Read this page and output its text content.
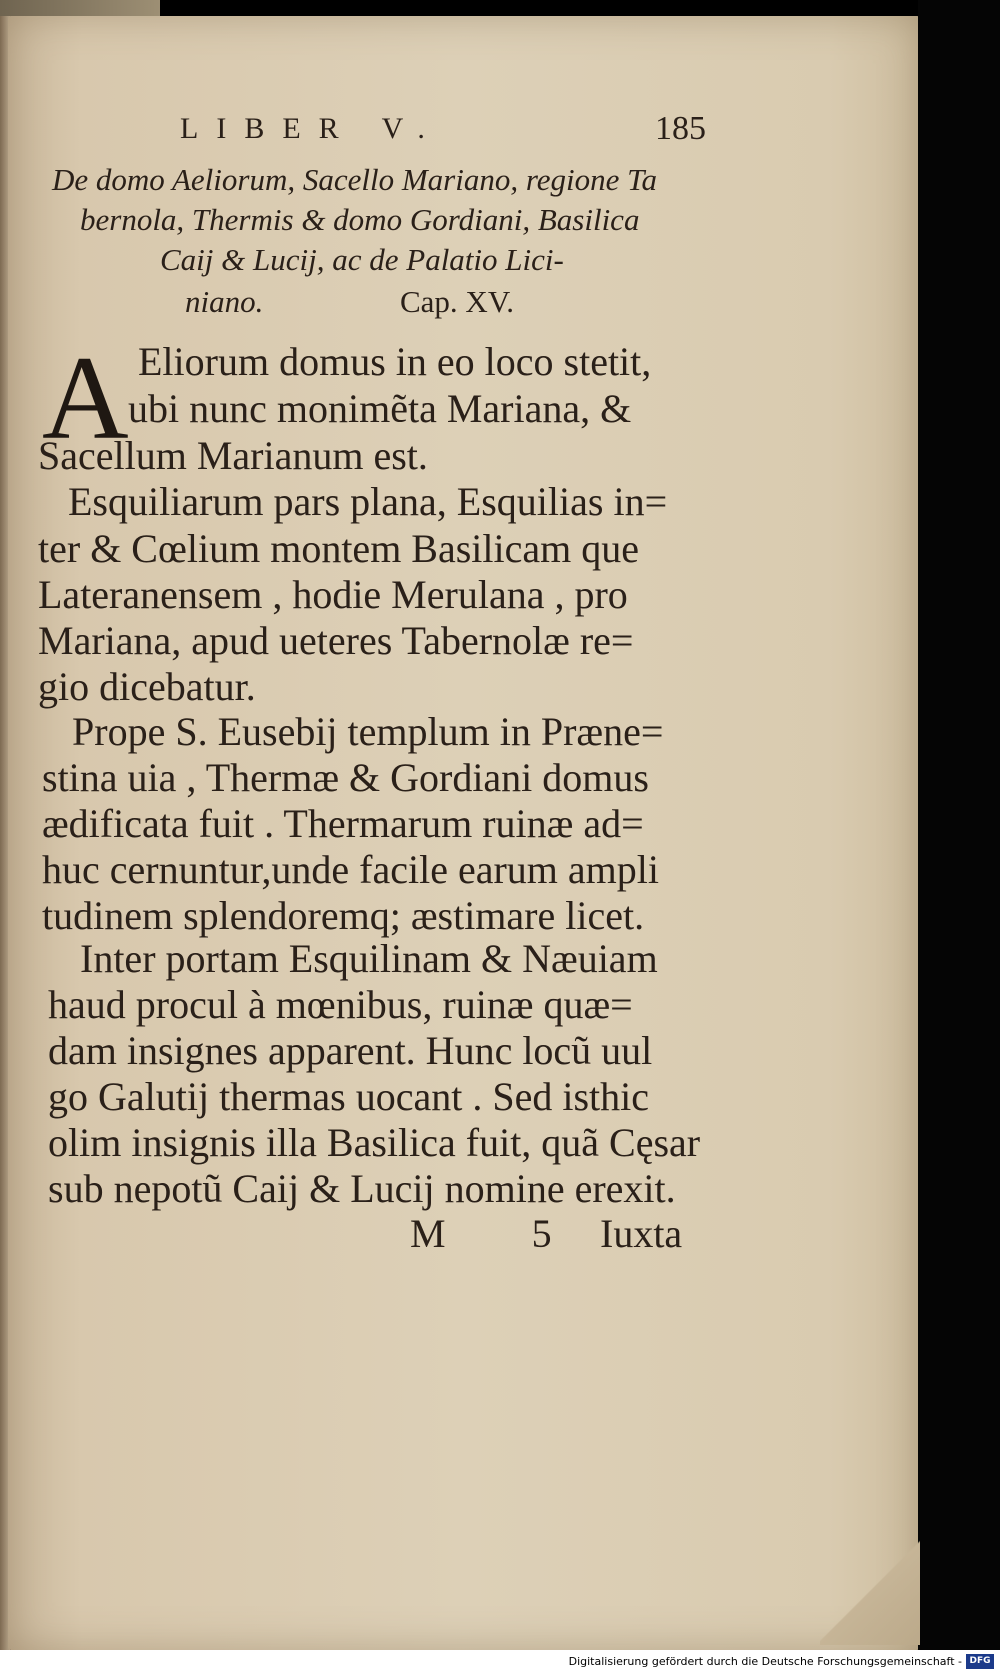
LIBER V.	185
De domo Aeliorum, Sacello Mariano, regione Ta
bernola, Thermis & domo Gordiani, Basilica
Caij & Lucij, ac de Palatio Lici-
niano.	Cap. XV.
A Eliorum domus in eo loco stetit,
ubi nunc monimẽta Mariana, &
Sacellum Marianum est.
Esquiliarum pars plana, Esquilias in=
ter & Cœlium montem Basilicam que
Lateranensem , hodie Merulana , pro
Mariana, apud ueteres Tabernolæ re=
gio dicebatur.
Prope S. Eusebij templum in Præne=
stina uia , Thermæ & Gordiani domus
ædificata fuit . Thermarum ruinæ ad=
huc cernuntur,unde facile earum ampli
tudinem splendoremq; æstimare licet.
Inter portam Esquilinam & Næuiam
haud procul à mœnibus, ruinæ quæ=
dam insignes apparent. Hunc locũ uul
go Galutij thermas uocant . Sed isthic
olim insignis illa Basilica fuit, quã Cęsar
sub nepotũ Caij & Lucij nomine erexit.
M 5 Iuxta
Digitalisierung gefördert durch die Deutsche Forschungsgemeinschaft - DFG
